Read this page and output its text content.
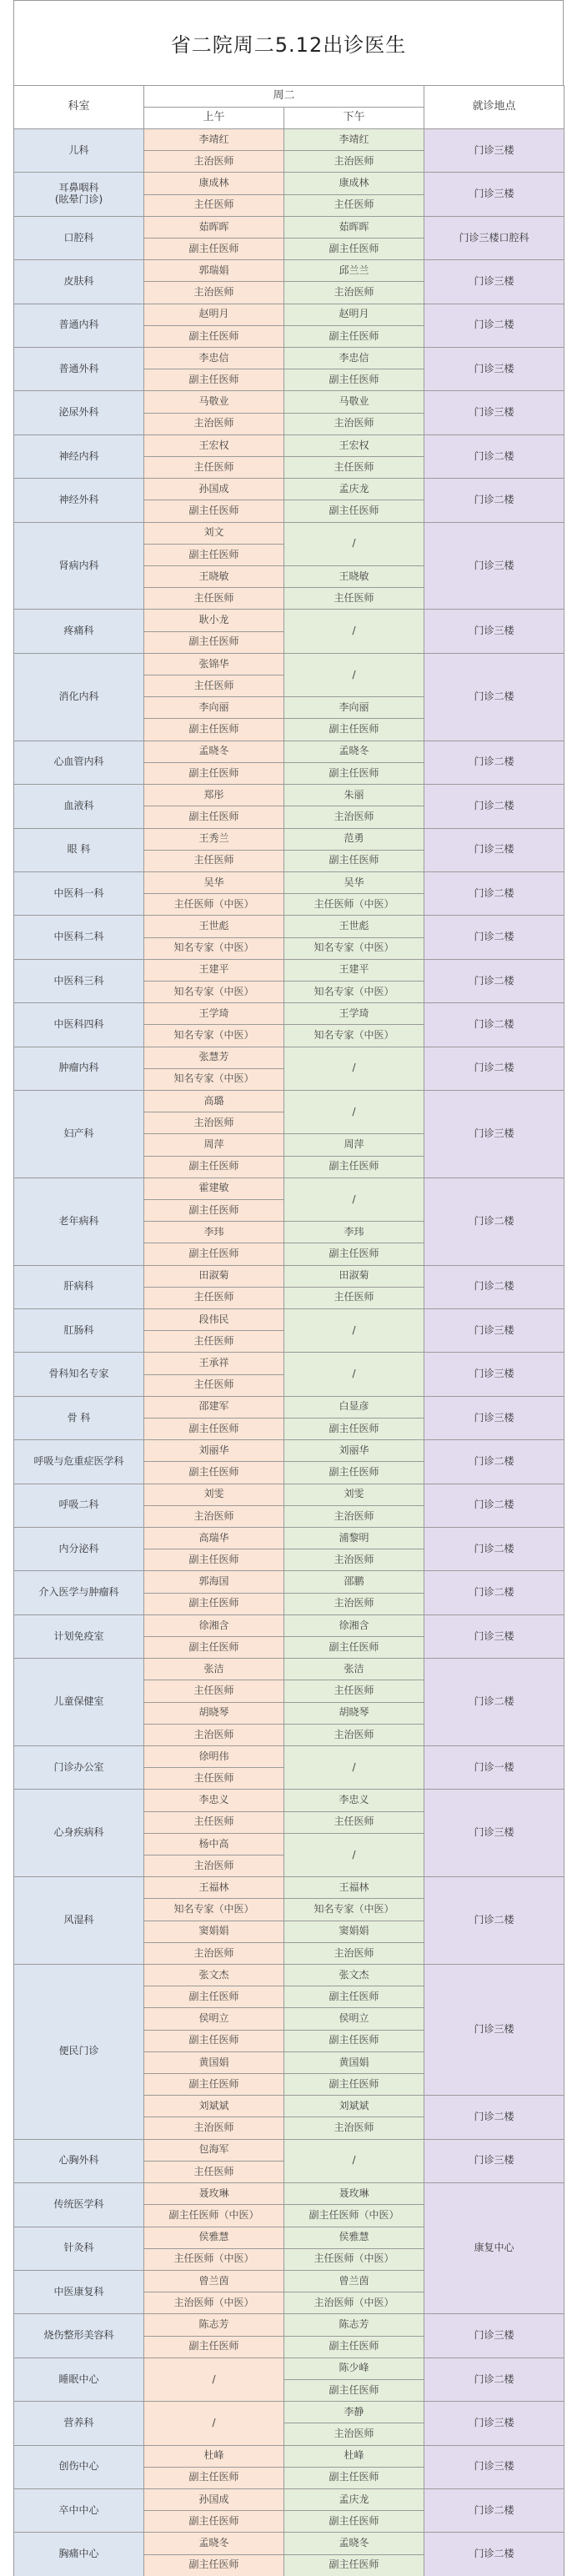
省二院周二5.12出诊医生
科室	周二		就诊地点
	上午	下午	
儿科	李靖红	李靖红	门诊三楼
	主治医师	主治医师	
耳鼻咽科
(眩晕门诊)	康成林	康成林	门诊三楼
	主任医师	主任医师	
口腔科	茹晖晖	茹晖晖	门诊三楼口腔科
	副主任医师	副主任医师	
皮肤科	郭瑞娟	邱兰兰	门诊三楼
	主治医师	主治医师	
普通内科	赵明月	赵明月	门诊二楼
	副主任医师	副主任医师	
普通外科	李忠信	李忠信	门诊三楼
	副主任医师	副主任医师	
泌尿外科	马敬业	马敬业	门诊三楼
	主治医师	主治医师	
神经内科	王宏权	王宏权	门诊二楼
	主任医师	主任医师	
神经外科	孙国成	孟庆龙	门诊二楼
	副主任医师	副主任医师	
肾病内科	刘文	/	门诊三楼
	副主任医师		
	王晓敏	王晓敏	
	主任医师	主任医师	
疼痛科	耿小龙	/	门诊三楼
	副主任医师		
消化内科	张锦华	/	门诊二楼
	主任医师		
	李向丽	李向丽	
	副主任医师	副主任医师	
心血管内科	孟晓冬	孟晓冬	门诊二楼
	副主任医师	副主任医师	
血液科	郑彤	朱丽	门诊二楼
	副主任医师	主治医师	
眼 科	王秀兰	范勇	门诊三楼
	主任医师	副主任医师	
中医科一科	吴华	吴华	门诊二楼
	主任医师（中医）	主任医师（中医）	
中医科二科	王世彪	王世彪	门诊二楼
	知名专家（中医）	知名专家（中医）	
中医科三科	王建平	王建平	门诊二楼
	知名专家（中医）	知名专家（中医）	
中医科四科	王学琦	王学琦	门诊二楼
	知名专家（中医）	知名专家（中医）	
肿瘤内科	张慧芳	/	门诊二楼
	知名专家（中医）		
妇产科	高璐	/	门诊三楼
	主治医师		
	周萍	周萍	
	副主任医师	副主任医师	
老年病科	霍建敏	/	门诊二楼
	副主任医师		
	李玮	李玮	
	副主任医师	副主任医师	
肝病科	田淑菊	田淑菊	门诊二楼
	主任医师	主任医师	
肛肠科	段伟民	/	门诊三楼
	主任医师		
骨科知名专家	王承祥	/	门诊三楼
	主任医师		
骨 科	邵建军	白显彦	门诊三楼
	副主任医师	副主任医师	
呼吸与危重症医学科	刘丽华	刘丽华	门诊二楼
	副主任医师	副主任医师	
呼吸二科	刘雯	刘雯	门诊二楼
	主治医师	主治医师	
内分泌科	高瑞华	浦黎明	门诊二楼
	副主任医师	主治医师	
介入医学与肿瘤科	郭海国	邵鹏	门诊二楼
	副主任医师	主治医师	
计划免疫室	徐湘含	徐湘含	门诊三楼
	副主任医师	副主任医师	
儿童保健室	张洁	张洁	门诊二楼
	主任医师	主任医师	
	胡晓琴	胡晓琴	
	主治医师	主治医师	
门诊办公室	徐明伟	/	门诊一楼
	主任医师		
心身疾病科	李忠义	李忠义	门诊三楼
	主任医师	主任医师	
	杨中高	/	
	主治医师		
风湿科	王福林	王福林	门诊二楼
	知名专家（中医）	知名专家（中医）	
	窦娟娟	窦娟娟	
	主治医师	主治医师	
便民门诊	张文杰	张文杰	门诊三楼
	副主任医师	副主任医师	
	侯明立	侯明立	
	副主任医师	副主任医师	
	黄国娟	黄国娟	
	副主任医师	副主任医师	
	刘斌斌	刘斌斌	门诊二楼
	主治医师	主治医师	
心胸外科	包海军	/	门诊三楼
	主任医师		
传统医学科	聂玫琳	聂玫琳	康复中心
	副主任医师（中医）	副主任医师（中医）	
针灸科	侯雅慧	侯雅慧	
	主任医师（中医）	主任医师（中医）	
中医康复科	曾兰茵	曾兰茵	
	主治医师（中医）	主治医师（中医）	
烧伤整形美容科	陈志芳	陈志芳	门诊三楼
	副主任医师	副主任医师	
睡眠中心	/	陈少峰	门诊二楼
		副主任医师	
营养科	/	李静	门诊三楼
		主治医师	
创伤中心	杜峰	杜峰	门诊三楼
	副主任医师	副主任医师	
卒中中心	孙国成	孟庆龙	门诊二楼
	副主任医师	副主任医师	
胸痛中心	孟晓冬	孟晓冬	门诊二楼
	副主任医师	副主任医师	
